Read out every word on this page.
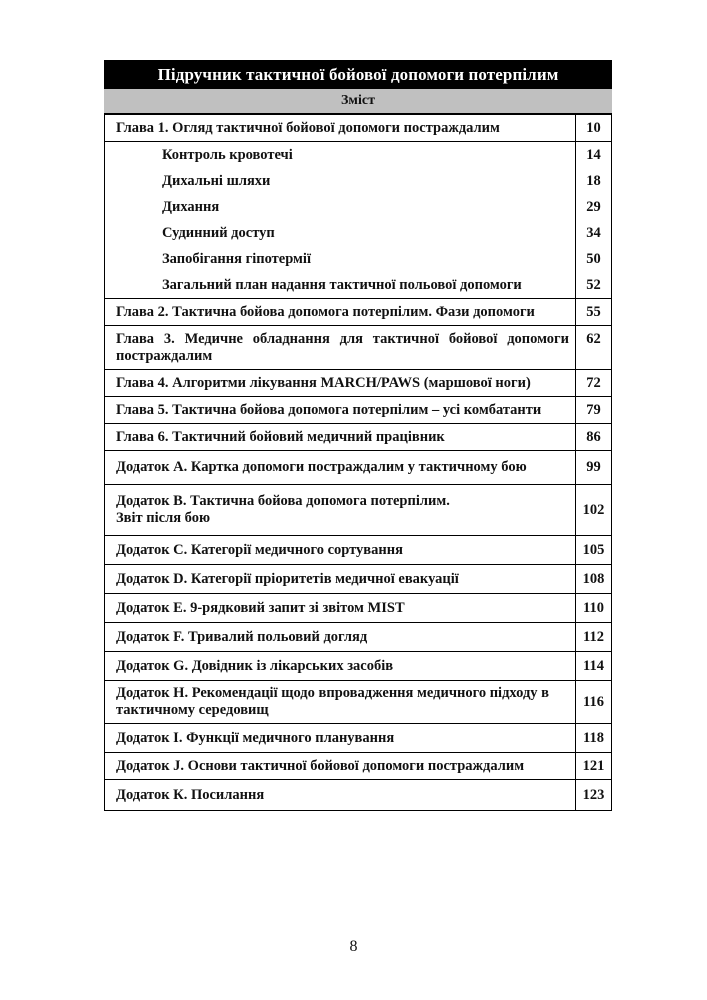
Підручник тактичної бойової допомоги потерпілим
Зміст
Глава 1. Огляд тактичної бойової допомоги постраждалим	10
Контроль кровотечі	14
Дихальні шляхи	18
Дихання	29
Судинний доступ	34
Запобігання гіпотермії	50
Загальний план надання тактичної польової допомоги	52
Глава 2. Тактична бойова допомога потерпілим. Фази допомоги	55
Глава 3. Медичне обладнання для тактичної бойової допомоги постраждалим	62
Глава 4. Алгоритми лікування MARCH/PAWS (маршової ноги)	72
Глава 5. Тактична бойова допомога потерпілим – усі комбатанти	79
Глава 6. Тактичний бойовий медичний працівник	86
Додаток А. Картка допомоги постраждалим у тактичному бою	99
Додаток В. Тактична бойова допомога потерпілим.
Звіт після бою	102
Додаток С. Категорії медичного сортування	105
Додаток D. Категорії пріоритетів медичної евакуації	108
Додаток Е. 9-рядковий запит зі звітом MIST	110
Додаток F. Тривалий польовий догляд	112
Додаток G. Довідник із лікарських засобів	114
Додаток Н. Рекомендації щодо впровадження медичного підходу в тактичному середовищ	116
Додаток І. Функції медичного планування	118
Додаток J. Основи тактичної бойової допомоги постраждалим	121
Додаток К. Посилання	123
8
